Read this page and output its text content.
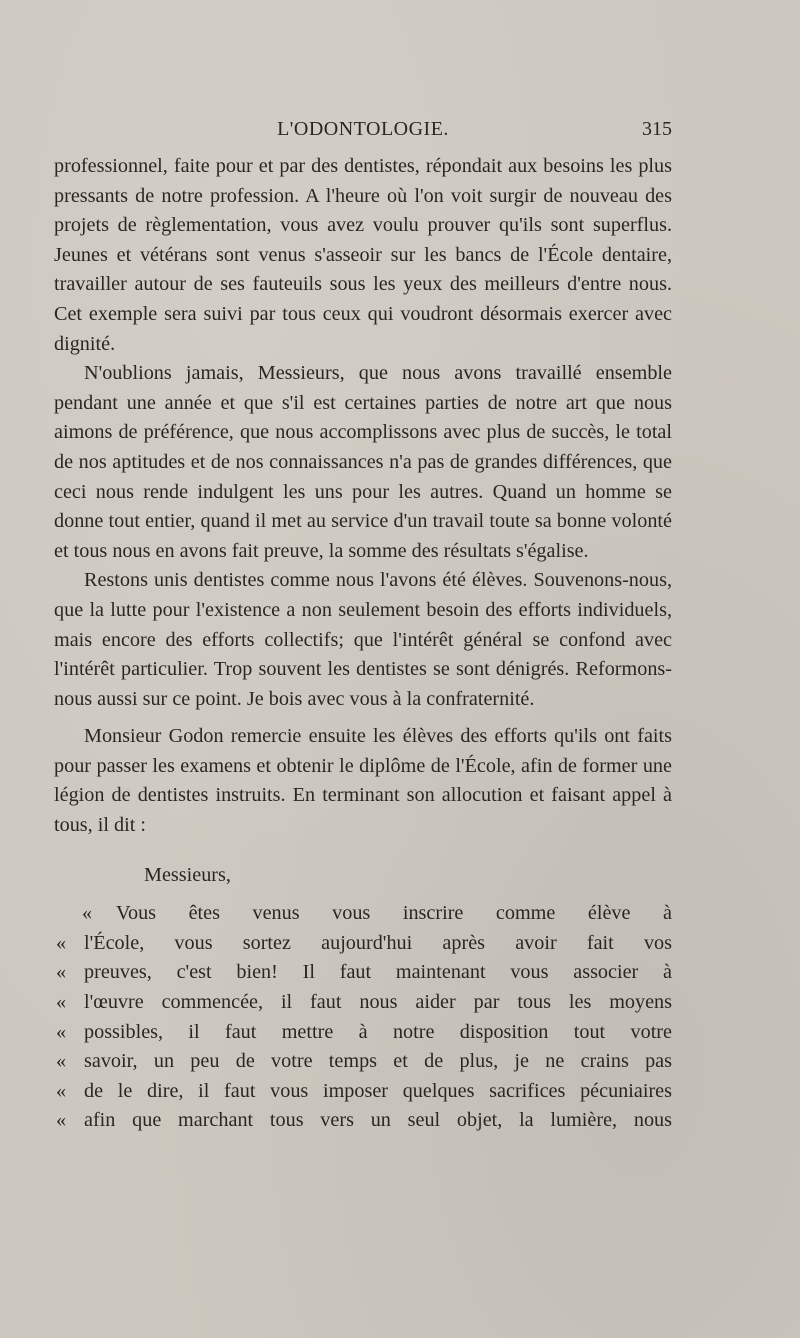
L'ODONTOLOGIE.	315

professionnel, faite pour et par des dentistes, répondait aux besoins les plus pressants de notre profession. A l'heure où l'on voit surgir de nouveau des projets de règlementation, vous avez voulu prouver qu'ils sont superflus. Jeunes et vétérans sont venus s'asseoir sur les bancs de l'École dentaire, travailler autour de ses fauteuils sous les yeux des meilleurs d'entre nous. Cet exemple sera suivi par tous ceux qui voudront désormais exercer avec dignité.

N'oublions jamais, Messieurs, que nous avons travaillé ensemble pendant une année et que s'il est certaines parties de notre art que nous aimons de préférence, que nous accomplissons avec plus de succès, le total de nos aptitudes et de nos connaissances n'a pas de grandes différences, que ceci nous rende indulgent les uns pour les autres. Quand un homme se donne tout entier, quand il met au service d'un travail toute sa bonne volonté et tous nous en avons fait preuve, la somme des résultats s'égalise.

Restons unis dentistes comme nous l'avons été élèves. Souvenons-nous, que la lutte pour l'existence a non seulement besoin des efforts individuels, mais encore des efforts collectifs; que l'intérêt général se confond avec l'intérêt particulier. Trop souvent les dentistes se sont dénigrés. Reformons-nous aussi sur ce point. Je bois avec vous à la confraternité.

Monsieur Godon remercie ensuite les élèves des efforts qu'ils ont faits pour passer les examens et obtenir le diplôme de l'École, afin de former une légion de dentistes instruits. En terminant son allocution et faisant appel à tous, il dit :

Messieurs,

«	Vous êtes venus vous inscrire comme élève à
« l'École, vous sortez aujourd'hui après avoir fait vos
« preuves, c'est bien! Il faut maintenant vous associer à
« l'œuvre commencée, il faut nous aider par tous les moyens
« possibles, il faut mettre à notre disposition tout votre
« savoir, un peu de votre temps et de plus, je ne crains pas
« de le dire, il faut vous imposer quelques sacrifices pécuniaires
« afin que marchant tous vers un seul objet, la lumière, nous
